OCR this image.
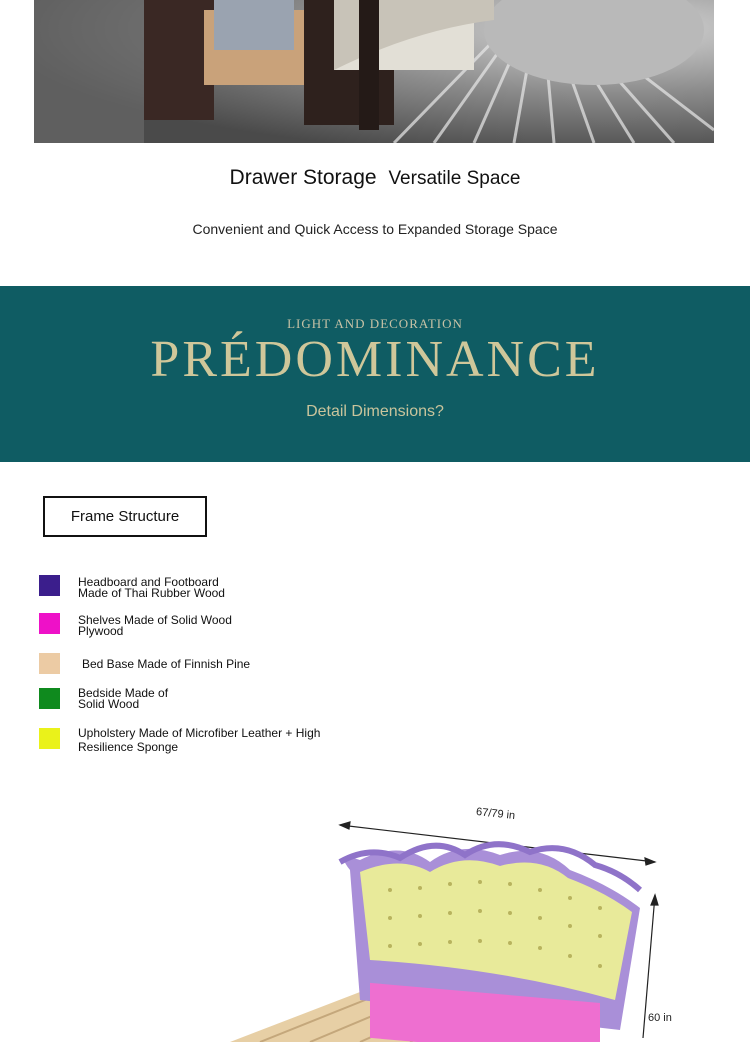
Drawer Storage Versatile Space
Convenient and Quick Access to Expanded Storage Space
LIGHT AND DECORATION
PRÉDOMINANCE
Detail Dimensions?
Frame Structure
Headboard and Footboard
Made of Thai Rubber Wood
Shelves Made of Solid Wood
Plywood
Bed Base Made of Finnish Pine
Bedside Made of
Solid Wood
Upholstery Made of Microfiber Leather + High
Resilience Sponge
67/79 in
60 in
